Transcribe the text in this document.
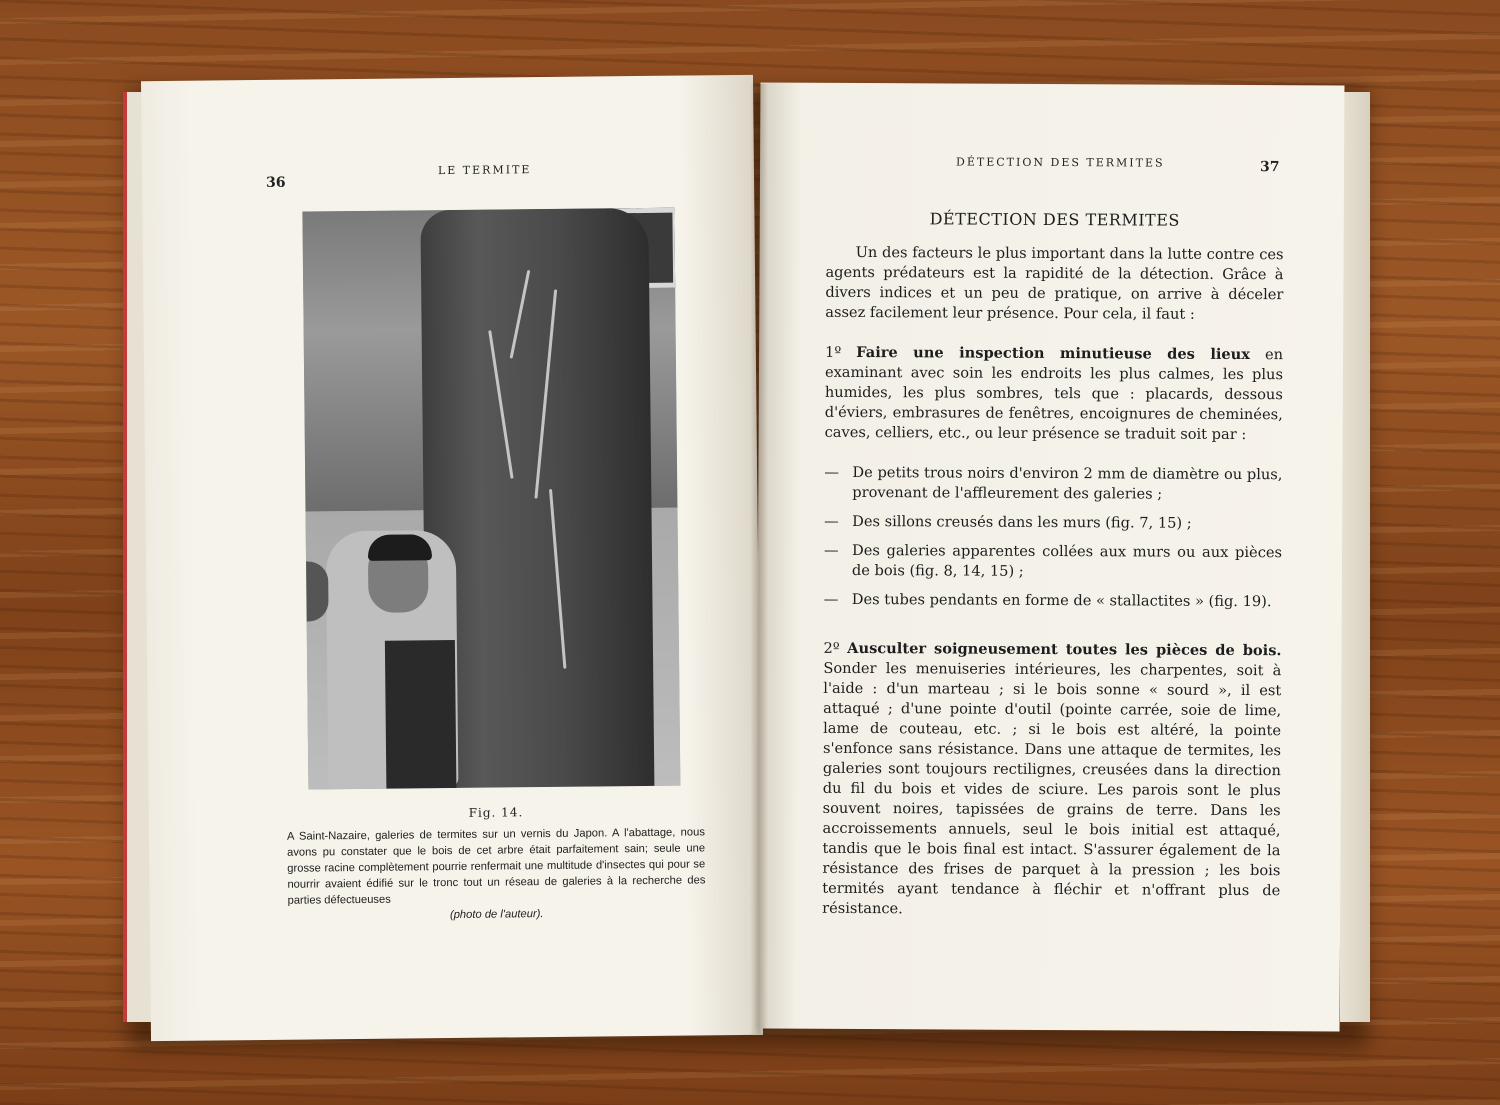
36
LE TERMITE
Fig. 14.
A Saint-Nazaire, galeries de termites sur un vernis du Japon. A l'abattage, nous avons pu constater que le bois de cet arbre était parfaitement sain; seule une grosse racine complètement pourrie renfermait une multitude d'insectes qui pour se nourrir avaient édifié sur le tronc tout un réseau de galeries à la recherche des parties défectueuses
(photo de l'auteur).
DÉTECTION DES TERMITES	37
DÉTECTION DES TERMITES

Un des facteurs le plus important dans la lutte contre ces agents prédateurs est la rapidité de la détection. Grâce à divers indices et un peu de pratique, on arrive à déceler assez facilement leur présence. Pour cela, il faut :

1º Faire une inspection minutieuse des lieux en examinant avec soin les endroits les plus calmes, les plus humides, les plus sombres, tels que : placards, dessous d'éviers, embrasures de fenêtres, encoignures de cheminées, caves, celliers, etc., ou leur présence se traduit soit par :

— De petits trous noirs d'environ 2 mm de diamètre ou plus, provenant de l'affleurement des galeries ;
— Des sillons creusés dans les murs (fig. 7, 15) ;
— Des galeries apparentes collées aux murs ou aux pièces de bois (fig. 8, 14, 15) ;
— Des tubes pendants en forme de « stallactites » (fig. 19).

2º Ausculter soigneusement toutes les pièces de bois. Sonder les menuiseries intérieures, les charpentes, soit à l'aide : d'un marteau ; si le bois sonne « sourd », il est attaqué ; d'une pointe d'outil (pointe carrée, soie de lime, lame de couteau, etc. ; si le bois est altéré, la pointe s'enfonce sans résistance. Dans une attaque de termites, les galeries sont toujours rectilignes, creusées dans la direction du fil du bois et vides de sciure. Les parois sont le plus souvent noires, tapissées de grains de terre. Dans les accroissements annuels, seul le bois initial est attaqué, tandis que le bois final est intact. S'assurer également de la résistance des frises de parquet à la pression ; les bois termités ayant tendance à fléchir et n'offrant plus de résistance.
